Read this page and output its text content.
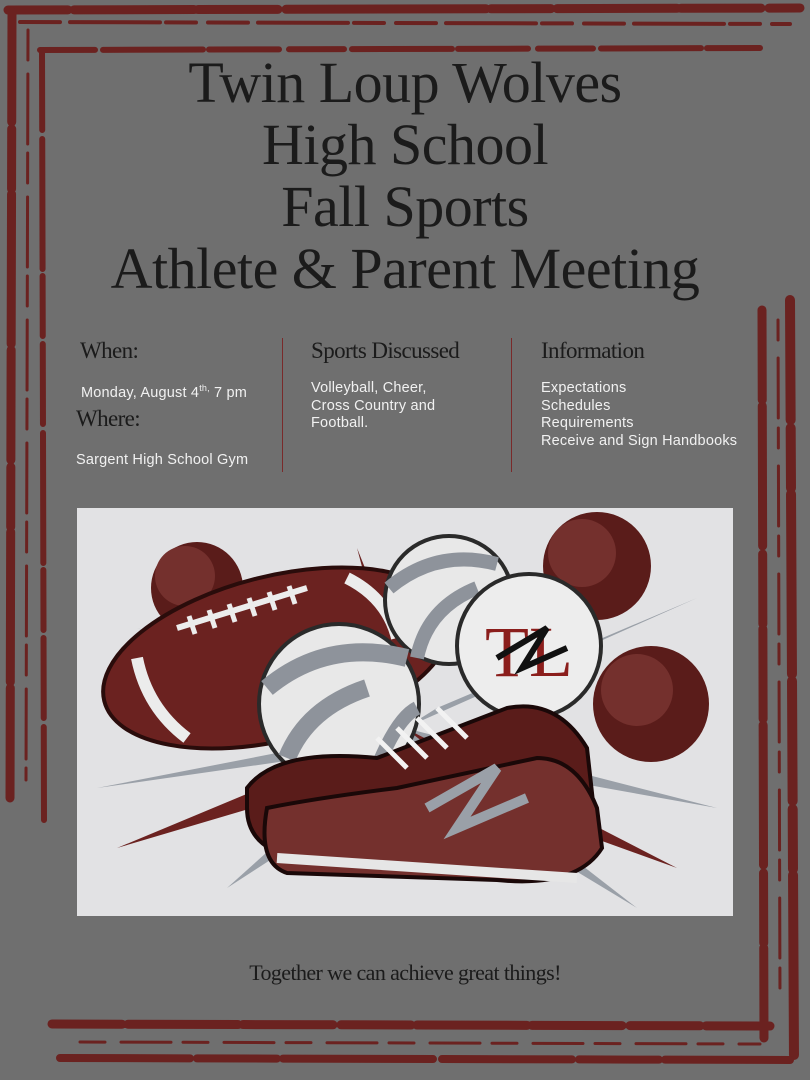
Twin Loup Wolves
High School
Fall Sports
Athlete & Parent Meeting
When:
Monday, August $4^{th,}$ 7 pm
Where:
Sargent High School Gym
Sports Discussed
Volleyball, Cheer,
Cross Country and
Football.
Information
Expectations
Schedules
Requirements
Receive and Sign Handbooks
TL
Together we can achieve great things!
